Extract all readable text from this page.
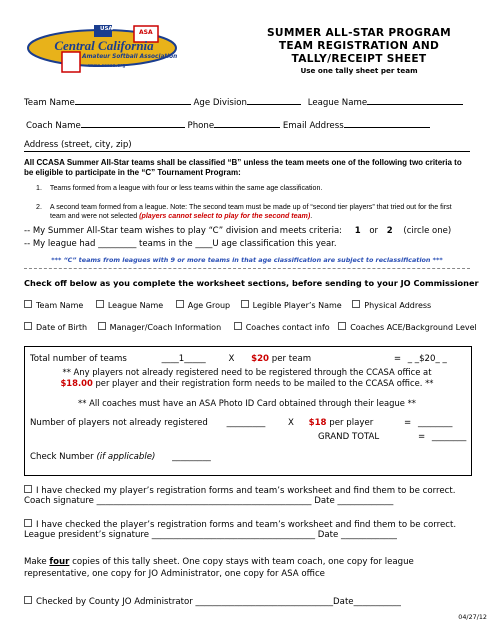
USA	ASA
Central California
Amateur Softball Association
www.ccasa.org
SUMMER ALL-STAR PROGRAM
TEAM REGISTRATION AND
TALLY/RECEIPT SHEET
Use one tally sheet per team
Team Name	Age Division	League Name
Coach Name	Phone	Email Address
Address (street, city, zip)
All CCASA Summer All-Star teams shall be classified “B” unless the team meets one of the following two criteria to be eligible to participate in the “C” Tournament Program:
1. Teams formed from a league with four or less teams within the same age classification.
2. A second team formed from a league. Note: The second team must be made up of “second tier players” that tried out for the first team and were not selected (players cannot select to play for the second team).
-- My Summer All-Star team wishes to play “C” division and meets criteria: 1 or 2 (circle one)
-- My league had _________ teams in the ____U age classification this year.
*** “C” teams from leagues with 9 or more teams in that age classification are subject to reclassification ***
Check off below as you complete the worksheet sections, before sending to your JO Commissioner
Team Name	League Name	Age Group	Legible Player’s Name	Physical Address
Date of Birth	Manager/Coach Information	Coaches contact info	Coaches ACE/Background Level
Total number of teams	____1_____	X $20 per team	= _ _$20_ _
** Any players not already registered need to be registered through the CCASA office at
$18.00 per player and their registration form needs to be mailed to the CCASA office. **
** All coaches must have an ASA Photo ID Card obtained through their league **
Number of players not already registered _________	X $18 per player	= ________
GRAND TOTAL	= ________
Check Number (if applicable) _________
I have checked my player’s registration forms and team’s worksheet and find them to be correct.
Coach signature __________________________________________________ Date _____________
I have checked the player’s registration forms and team’s worksheet and find them to be correct.
League president’s signature ______________________________________ Date _____________
Make four copies of this tally sheet. One copy stays with team coach, one copy for league
representative, one copy for JO Administrator, one copy for ASA office
Checked by County JO Administrator ________________________________Date___________
04/27/12
